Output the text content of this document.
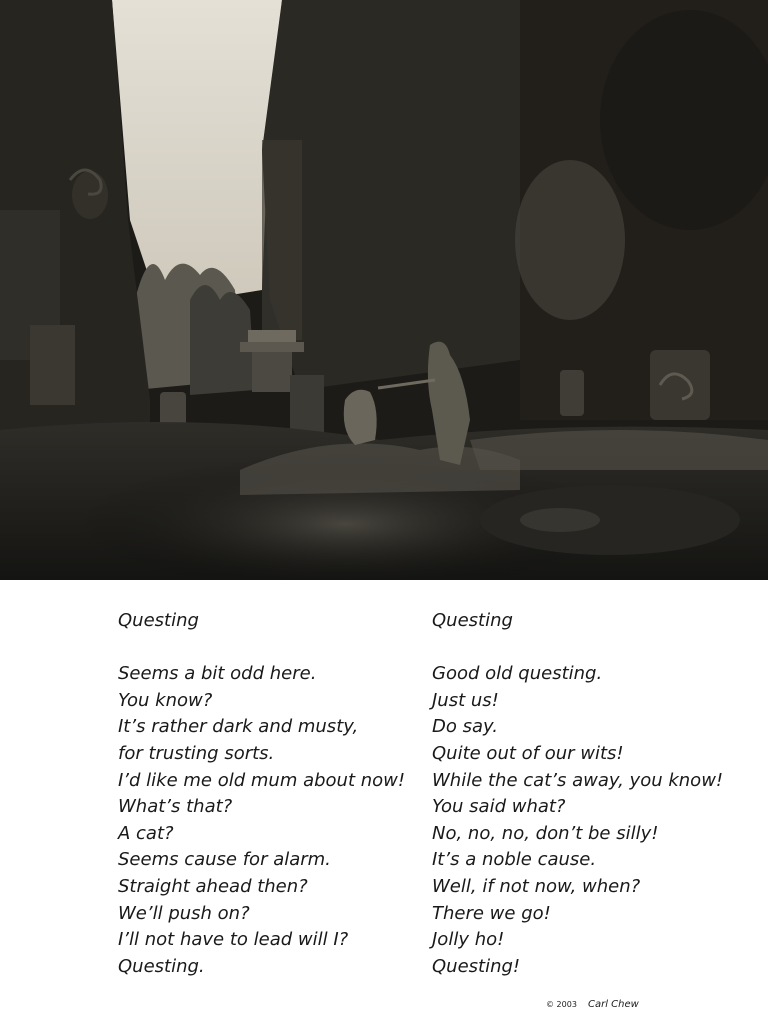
Questing
Seems a bit odd here.
You know?
It’s rather dark and musty,
for trusting sorts.
I’d like me old mum about now!
What’s that?
A cat?
Seems cause for alarm.
Straight ahead then?
We’ll push on?
I’ll not have to lead will I?
Questing.
Questing
Good old questing.
Just us!
Do say.
Quite out of our wits!
While the cat’s away, you know!
You said what?
No, no, no, don’t be silly!
It’s a noble cause.
Well, if not now, when?
There we go!
Jolly ho!
Questing!
© 2003 Carl Chew
